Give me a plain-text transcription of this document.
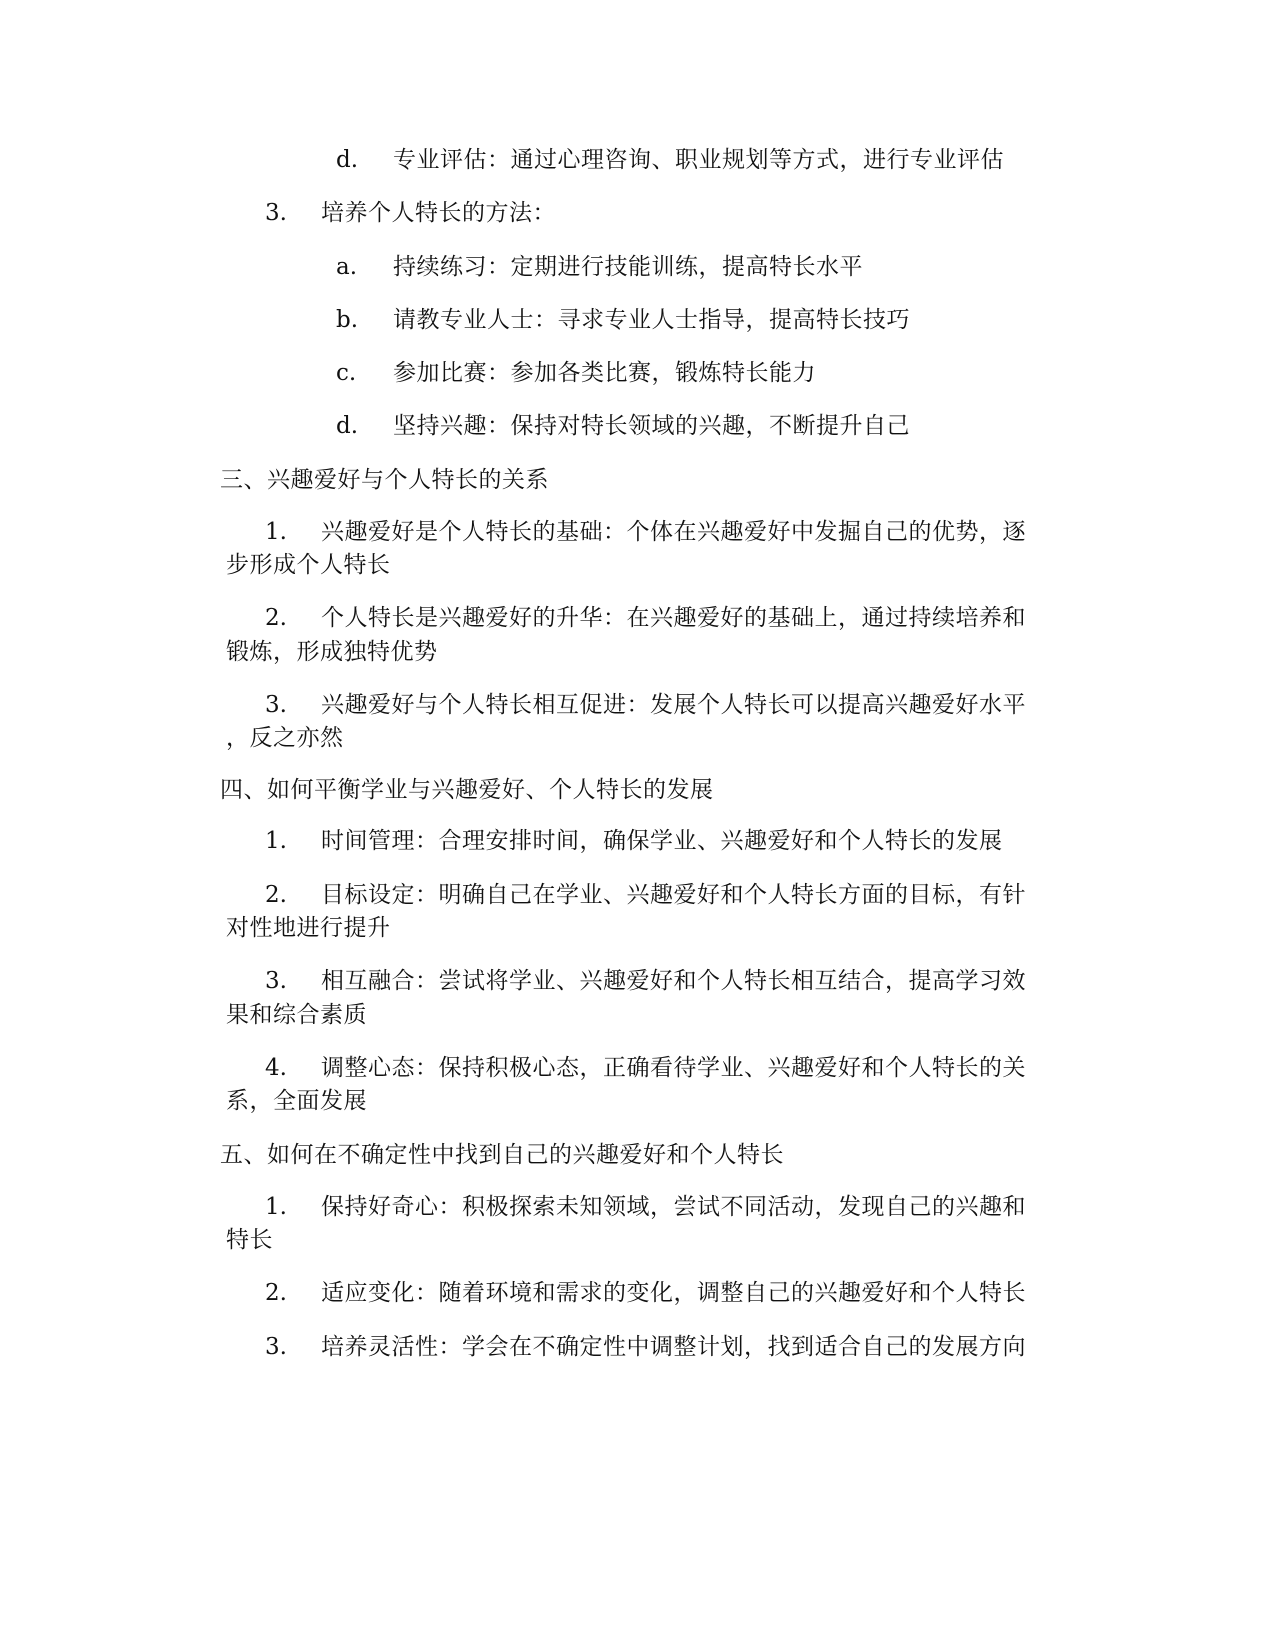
d. 专业评估：通过心理咨询、职业规划等方式，进行专业评估
3. 培养个人特长的方法：
a. 持续练习：定期进行技能训练，提高特长水平
b. 请教专业人士：寻求专业人士指导，提高特长技巧
c. 参加比赛：参加各类比赛，锻炼特长能力
d. 坚持兴趣：保持对特长领域的兴趣，不断提升自己
三、兴趣爱好与个人特长的关系
1. 兴趣爱好是个人特长的基础：个体在兴趣爱好中发掘自己的优势，逐
步形成个人特长
2. 个人特长是兴趣爱好的升华：在兴趣爱好的基础上，通过持续培养和
锻炼，形成独特优势
3. 兴趣爱好与个人特长相互促进：发展个人特长可以提高兴趣爱好水平
，反之亦然
四、如何平衡学业与兴趣爱好、个人特长的发展
1. 时间管理：合理安排时间，确保学业、兴趣爱好和个人特长的发展
2. 目标设定：明确自己在学业、兴趣爱好和个人特长方面的目标，有针
对性地进行提升
3. 相互融合：尝试将学业、兴趣爱好和个人特长相互结合，提高学习效
果和综合素质
4. 调整心态：保持积极心态，正确看待学业、兴趣爱好和个人特长的关
系，全面发展
五、如何在不确定性中找到自己的兴趣爱好和个人特长
1. 保持好奇心：积极探索未知领域，尝试不同活动，发现自己的兴趣和
特长
2. 适应变化：随着环境和需求的变化，调整自己的兴趣爱好和个人特长
3. 培养灵活性：学会在不确定性中调整计划，找到适合自己的发展方向
